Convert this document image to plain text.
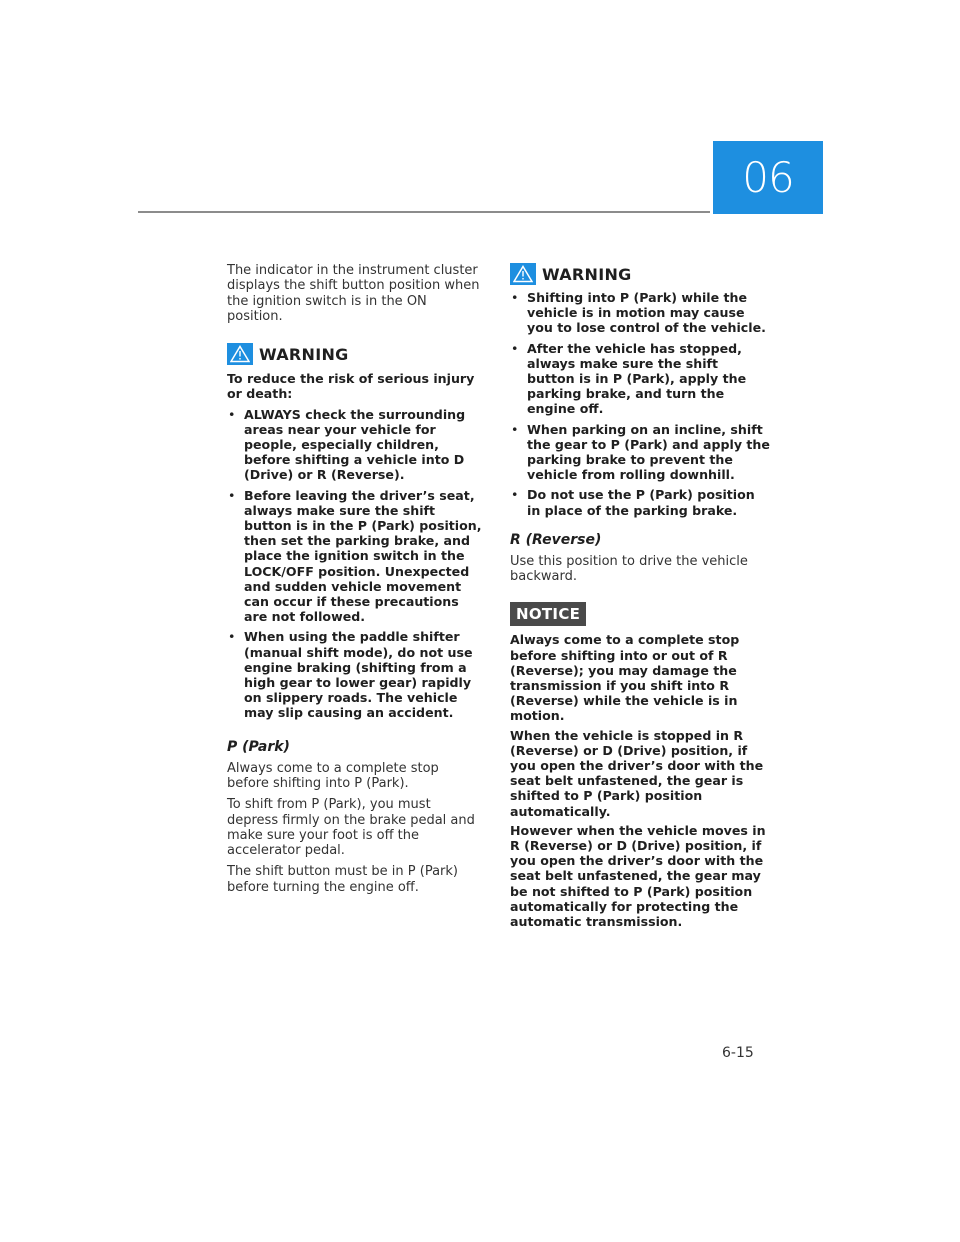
06

The indicator in the instrument cluster displays the shift button position when the ignition switch is in the ON position.

WARNING

To reduce the risk of serious injury or death:

• ALWAYS check the surrounding areas near your vehicle for people, especially children, before shifting a vehicle into D (Drive) or R (Reverse).
• Before leaving the driver’s seat, always make sure the shift button is in the P (Park) position, then set the parking brake, and place the ignition switch in the LOCK/OFF position. Unexpected and sudden vehicle movement can occur if these precautions are not followed.
• When using the paddle shifter (manual shift mode), do not use engine braking (shifting from a high gear to lower gear) rapidly on slippery roads. The vehicle may slip causing an accident.

P (Park)

Always come to a complete stop before shifting into P (Park).

To shift from P (Park), you must depress firmly on the brake pedal and make sure your foot is off the accelerator pedal.

The shift button must be in P (Park) before turning the engine off.

WARNING
• Shifting into P (Park) while the vehicle is in motion may cause you to lose control of the vehicle.
• After the vehicle has stopped, always make sure the shift button is in P (Park), apply the parking brake, and turn the engine off.
• When parking on an incline, shift the gear to P (Park) and apply the parking brake to prevent the vehicle from rolling downhill.
• Do not use the P (Park) position in place of the parking brake.

R (Reverse)

Use this position to drive the vehicle backward.

NOTICE

Always come to a complete stop before shifting into or out of R (Reverse); you may damage the transmission if you shift into R (Reverse) while the vehicle is in motion.

When the vehicle is stopped in R (Reverse) or D (Drive) position, if you open the driver’s door with the seat belt unfastened, the gear is shifted to P (Park) position automatically.

However when the vehicle moves in R (Reverse) or D (Drive) position, if you open the driver’s door with the seat belt unfastened, the gear may be not shifted to P (Park) position automatically for protecting the automatic transmission.

6-15
